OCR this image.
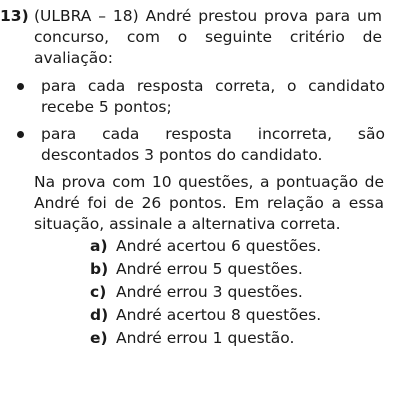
13) (ULBRA – 18) André prestou prova para um concurso, com o seguinte critério de avaliação:
para cada resposta correta, o candidato recebe 5 pontos;
para cada resposta incorreta, são descontados 3 pontos do candidato.
Na prova com 10 questões, a pontuação de André foi de 26 pontos. Em relação a essa situação, assinale a alternativa correta.
a) André acertou 6 questões.
b) André errou 5 questões.
c) André errou 3 questões.
d) André acertou 8 questões.
e) André errou 1 questão.
